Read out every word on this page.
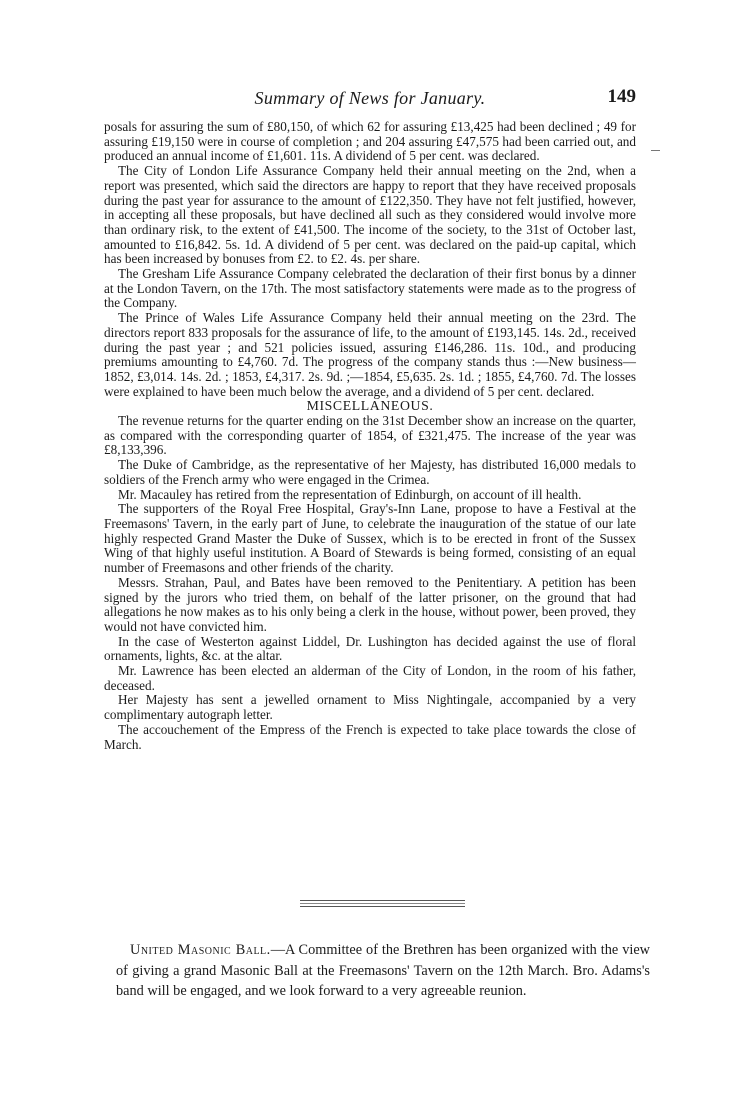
Summary of News for January.	149

posals for assuring the sum of £80,150, of which 62 for assuring £13,425 had been declined ; 49 for assuring £19,150 were in course of completion ; and 204 assuring £47,575 had been carried out, and produced an annual income of £1,601. 11s. A dividend of 5 per cent. was declared.

The City of London Life Assurance Company held their annual meeting on the 2nd, when a report was presented, which said the directors are happy to report that they have received proposals during the past year for assurance to the amount of £122,350. They have not felt justified, however, in accepting all these proposals, but have declined all such as they considered would involve more than ordinary risk, to the extent of £41,500. The income of the society, to the 31st of October last, amounted to £16,842. 5s. 1d. A dividend of 5 per cent. was declared on the paid-up capital, which has been increased by bonuses from £2. to £2. 4s. per share.

The Gresham Life Assurance Company celebrated the declaration of their first bonus by a dinner at the London Tavern, on the 17th. The most satisfactory statements were made as to the progress of the Company.

The Prince of Wales Life Assurance Company held their annual meeting on the 23rd. The directors report 833 proposals for the assurance of life, to the amount of £193,145. 14s. 2d., received during the past year ; and 521 policies issued, assuring £146,286. 11s. 10d., and producing premiums amounting to £4,760. 7d. The progress of the company stands thus :—New business—1852, £3,014. 14s. 2d. ; 1853, £4,317. 2s. 9d. ;—1854, £5,635. 2s. 1d. ; 1855, £4,760. 7d. The losses were explained to have been much below the average, and a dividend of 5 per cent. declared.

MISCELLANEOUS.

The revenue returns for the quarter ending on the 31st December show an increase on the quarter, as compared with the corresponding quarter of 1854, of £321,475. The increase of the year was £8,133,396.

The Duke of Cambridge, as the representative of her Majesty, has distributed 16,000 medals to soldiers of the French army who were engaged in the Crimea.

Mr. Macauley has retired from the representation of Edinburgh, on account of ill health.

The supporters of the Royal Free Hospital, Gray's-Inn Lane, propose to have a Festival at the Freemasons' Tavern, in the early part of June, to celebrate the inauguration of the statue of our late highly respected Grand Master the Duke of Sussex, which is to be erected in front of the Sussex Wing of that highly useful institution. A Board of Stewards is being formed, consisting of an equal number of Freemasons and other friends of the charity.

Messrs. Strahan, Paul, and Bates have been removed to the Penitentiary. A petition has been signed by the jurors who tried them, on behalf of the latter prisoner, on the ground that had allegations he now makes as to his only being a clerk in the house, without power, been proved, they would not have convicted him.

In the case of Westerton against Liddel, Dr. Lushington has decided against the use of floral ornaments, lights, &c. at the altar.

Mr. Lawrence has been elected an alderman of the City of London, in the room of his father, deceased.

Her Majesty has sent a jewelled ornament to Miss Nightingale, accompanied by a very complimentary autograph letter.

The accouchement of the Empress of the French is expected to take place towards the close of March.

United Masonic Ball.—A Committee of the Brethren has been organized with the view of giving a grand Masonic Ball at the Freemasons' Tavern on the 12th March. Bro. Adams's band will be engaged, and we look forward to a very agreeable reunion.
